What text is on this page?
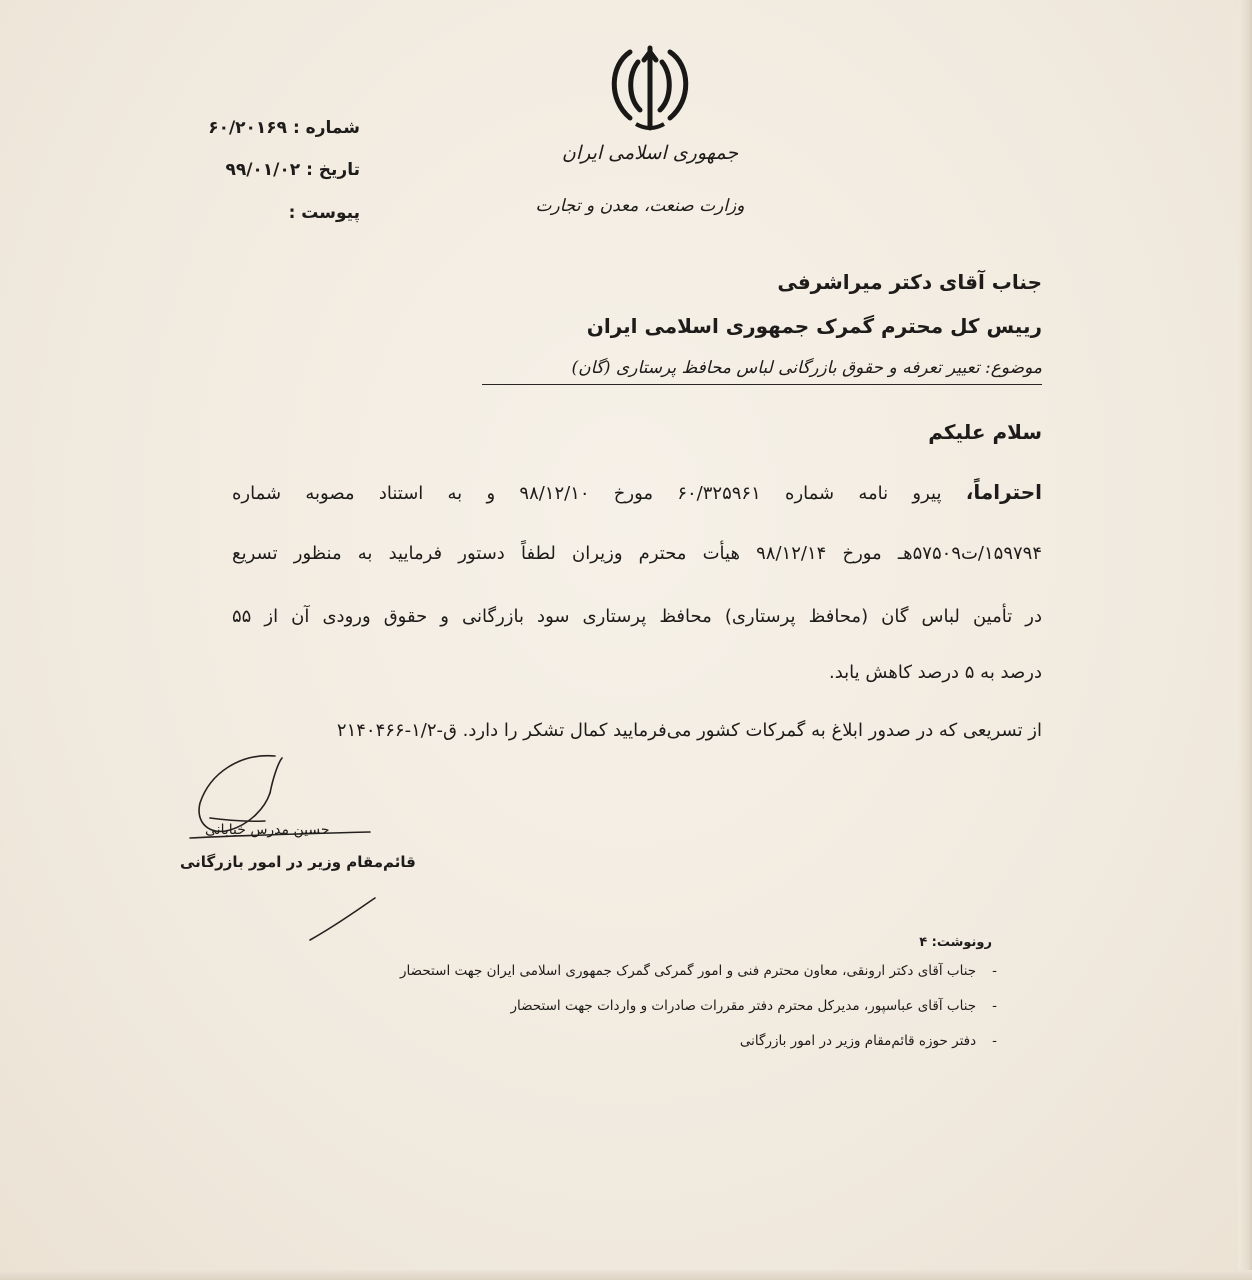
جمهوری اسلامی ایران
وزارت صنعت، معدن و تجارت
شماره : ۶۰/۲۰۱۶۹
تاریخ : ۹۹/۰۱/۰۲
پیوست :
جناب آقای دکتر میراشرفی
رییس کل محترم گمرک جمهوری اسلامی ایران
موضوع: تعییر تعرفه و حقوق بازرگانی لباس محافظ پرستاری (گان)
سلام علیکم
احتراماً، پیرو نامه شماره ۶۰/۳۲۵۹۶۱ مورخ ۹۸/۱۲/۱۰ و به استناد مصوبه شماره
۱۵۹۷۹۴/ت۵۷۵۰۹هـ مورخ ۹۸/۱۲/۱۴ هیأت محترم وزیران لطفاً دستور فرمایید به منظور تسریع
در تأمین لباس گان (محافظ پرستاری) محافظ پرستاری سود بازرگانی و حقوق ورودی آن از ۵۵
درصد به ۵ درصد کاهش یابد.
از تسریعی که در صدور ابلاغ به گمرکات کشور می‌فرمایید کمال تشکر را دارد. ق-۱/۲-۲۱۴۰۴۶۶
حسین مدرس خیابانی
قائم‌مقام وزیر در امور بازرگانی
رونوشت: ۴
-جناب آقای دکتر ارونقی، معاون محترم فنی و امور گمرکی گمرک جمهوری اسلامی ایران جهت استحضار
-جناب آقای عباسپور، مدیرکل محترم دفتر مقررات صادرات و واردات جهت استحضار
-دفتر حوزه قائم‌مقام وزیر در امور بازرگانی
